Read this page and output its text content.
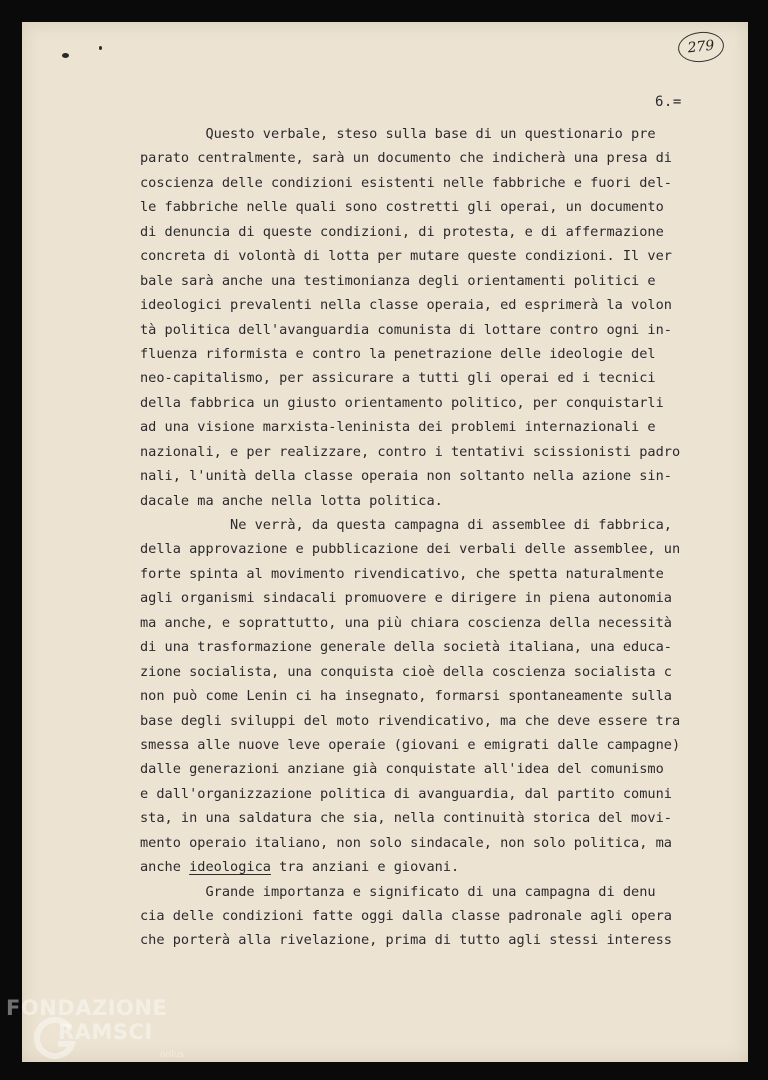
279
6.=
Questo verbale, steso sulla base di un questionario pre
parato centralmente, sarà un documento che indicherà una presa di
coscienza delle condizioni esistenti nelle fabbriche e fuori del-
le fabbriche nelle quali sono costretti gli operai, un documento
di denuncia di queste condizioni, di protesta, e di affermazione
concreta di volontà di lotta per mutare queste condizioni. Il ver
bale sarà anche una testimonianza degli orientamenti politici e
ideologici prevalenti nella classe operaia, ed esprimerà la volon
tà politica dell'avanguardia comunista di lottare contro ogni in-
fluenza riformista e contro la penetrazione delle ideologie del
neo-capitalismo, per assicurare a tutti gli operai ed i tecnici
della fabbrica un giusto orientamento politico, per conquistarli
ad una visione marxista-leninista dei problemi internazionali e
nazionali, e per realizzare, contro i tentativi scissionisti padro
nali, l'unità della classe operaia non soltanto nella azione sin-
dacale ma anche nella lotta politica.
Ne verrà, da questa campagna di assemblee di fabbrica,
della approvazione e pubblicazione dei verbali delle assemblee, un
forte spinta al movimento rivendicativo, che spetta naturalmente
agli organismi sindacali promuovere e dirigere in piena autonomia
ma anche, e soprattutto, una più chiara coscienza della necessità
di una trasformazione generale della società italiana, una educa-
zione socialista, una conquista cioè della coscienza socialista c
non può come Lenin ci ha insegnato, formarsi spontaneamente sulla
base degli sviluppi del moto rivendicativo, ma che deve essere tra
smessa alle nuove leve operaie (giovani e emigrati dalle campagne)
dalle generazioni anziane già conquistate all'idea del comunismo
e dall'organizzazione politica di avanguardia, dal partito comuni
sta, in una saldatura che sia, nella continuità storica del movi-
mento operaio italiano, non solo sindacale, non solo politica, ma
anche ideologica tra anziani e giovani.
Grande importanza e significato di una campagna di denu
cia delle condizioni fatte oggi dalla classe padronale agli opera
che porterà alla rivelazione, prima di tutto agli stessi interess
FONDAZIONE
RAMSCI
onlus
